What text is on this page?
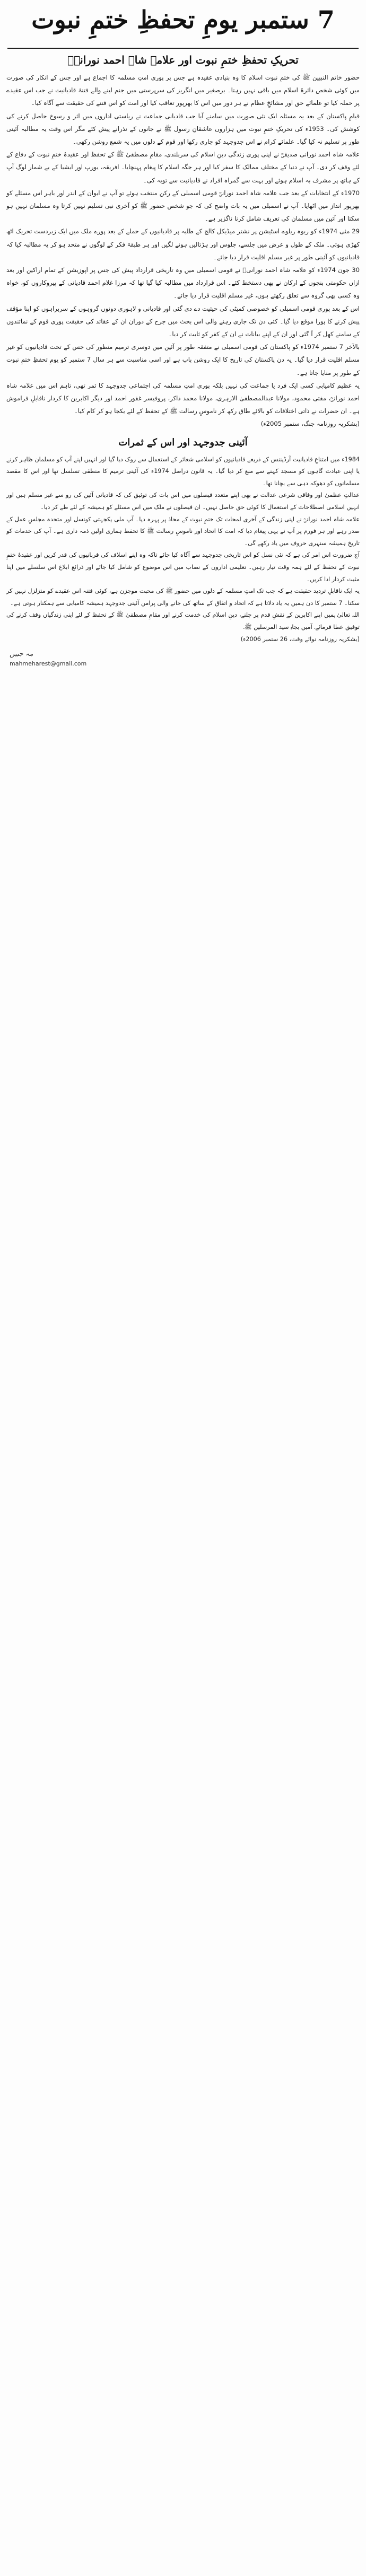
7 ستمبر یومِ تحفظِ ختمِ نبوت
تحریکِ تحفظِ ختمِ نبوت اور علامہ شاہ احمد نورانیؒ

حضور خاتم النبیین ﷺ کی ختمِ نبوت اسلام کا وہ بنیادی عقیدہ ہے جس پر پوری امتِ مسلمہ کا اجماع ہے اور جس کے انکار کی صورت میں کوئی شخص دائرۂ اسلام میں باقی نہیں رہتا۔ برصغیر میں انگریز کی سرپرستی میں جنم لینے والے فتنۂ قادیانیت نے جب اس عقیدے پر حملہ کیا تو علمائے حق اور مشائخِ عظام نے ہر دور میں اس کا بھرپور تعاقب کیا اور امت کو اس فتنے کی حقیقت سے آگاہ کیا۔

قیامِ پاکستان کے بعد یہ مسئلہ ایک نئی صورت میں سامنے آیا جب قادیانی جماعت نے ریاستی اداروں میں اثر و رسوخ حاصل کرنے کی کوشش کی۔ 1953ء کی تحریکِ ختمِ نبوت میں ہزاروں عاشقانِ رسول ﷺ نے جانوں کے نذرانے پیش کئے مگر اس وقت یہ مطالبہ آئینی طور پر تسلیم نہ کیا گیا۔ علمائے کرام نے اس جدوجہد کو جاری رکھا اور قوم کے دلوں میں یہ شمع روشن رکھی۔

علامہ شاہ احمد نورانی صدیقیؒ نے اپنی پوری زندگی دینِ اسلام کی سربلندی، مقامِ مصطفیٰ ﷺ کے تحفظ اور عقیدۂ ختمِ نبوت کے دفاع کے لئے وقف کر دی۔ آپ نے دنیا کے مختلف ممالک کا سفر کیا اور ہر جگہ اسلام کا پیغام پہنچایا۔ افریقہ، یورپ اور ایشیا کے بے شمار لوگ آپ کے ہاتھ پر مشرف بہ اسلام ہوئے اور بہت سے گمراہ افراد نے قادیانیت سے توبہ کی۔

1970ء کے انتخابات کے بعد جب علامہ شاہ احمد نورانیؒ قومی اسمبلی کے رکن منتخب ہوئے تو آپ نے ایوان کے اندر اور باہر اس مسئلے کو بھرپور انداز میں اٹھایا۔ آپ نے اسمبلی میں یہ بات واضح کی کہ جو شخص حضور ﷺ کو آخری نبی تسلیم نہیں کرتا وہ مسلمان نہیں ہو سکتا اور آئین میں مسلمان کی تعریف شامل کرنا ناگزیر ہے۔

29 مئی 1974ء کو ربوہ ریلوے اسٹیشن پر نشتر میڈیکل کالج کے طلبہ پر قادیانیوں کے حملے کے بعد پورے ملک میں ایک زبردست تحریک اٹھ کھڑی ہوئی۔ ملک کے طول و عرض میں جلسے، جلوس اور ہڑتالیں ہونے لگیں اور ہر طبقۂ فکر کے لوگوں نے متحد ہو کر یہ مطالبہ کیا کہ قادیانیوں کو آئینی طور پر غیر مسلم اقلیت قرار دیا جائے۔

30 جون 1974ء کو علامہ شاہ احمد نورانیؒ نے قومی اسمبلی میں وہ تاریخی قرارداد پیش کی جس پر اپوزیشن کے تمام اراکین اور بعد ازاں حکومتی بنچوں کے ارکان نے بھی دستخط کئے۔ اس قرارداد میں مطالبہ کیا گیا تھا کہ مرزا غلام احمد قادیانی کے پیروکاروں کو، خواہ وہ کسی بھی گروہ سے تعلق رکھتے ہوں، غیر مسلم اقلیت قرار دیا جائے۔

اس کے بعد پوری قومی اسمبلی کو خصوصی کمیٹی کی حیثیت دے دی گئی اور قادیانی و لاہوری دونوں گروہوں کے سربراہوں کو اپنا مؤقف پیش کرنے کا پورا موقع دیا گیا۔ کئی دن تک جاری رہنے والی اس بحث میں جرح کے دوران ان کے عقائد کی حقیقت پوری قوم کے نمائندوں کے سامنے کھل کر آ گئی اور ان کے اپنے بیانات نے ان کے کفر کو ثابت کر دیا۔

بالآخر 7 ستمبر 1974ء کو پاکستان کی قومی اسمبلی نے متفقہ طور پر آئین میں دوسری ترمیم منظور کی جس کے تحت قادیانیوں کو غیر مسلم اقلیت قرار دیا گیا۔ یہ دن پاکستان کی تاریخ کا ایک روشن باب ہے اور اسی مناسبت سے ہر سال 7 ستمبر کو یومِ تحفظِ ختمِ نبوت کے طور پر منایا جاتا ہے۔

یہ عظیم کامیابی کسی ایک فرد یا جماعت کی نہیں بلکہ پوری امتِ مسلمہ کی اجتماعی جدوجہد کا ثمر تھی، تاہم اس میں علامہ شاہ احمد نورانیؒ، مفتی محمود، مولانا عبدالمصطفیٰ الازہری، مولانا محمد ذاکر، پروفیسر غفور احمد اور دیگر اکابرین کا کردار ناقابلِ فراموش ہے۔ ان حضرات نے ذاتی اختلافات کو بالائے طاق رکھ کر ناموسِ رسالت ﷺ کے تحفظ کے لئے یکجا ہو کر کام کیا۔

(بشکریہ روزنامہ جنگ، ستمبر 2005ء)

آئینی جدوجہد اور اس کے ثمرات

1984ء میں امتناعِ قادیانیت آرڈیننس کے ذریعے قادیانیوں کو اسلامی شعائر کے استعمال سے روک دیا گیا اور انہیں اپنے آپ کو مسلمان ظاہر کرنے یا اپنی عبادت گاہوں کو مسجد کہنے سے منع کر دیا گیا۔ یہ قانون دراصل 1974ء کی آئینی ترمیم کا منطقی تسلسل تھا اور اس کا مقصد مسلمانوں کو دھوکہ دہی سے بچانا تھا۔

عدالتِ عظمیٰ اور وفاقی شرعی عدالت نے بھی اپنے متعدد فیصلوں میں اس بات کی توثیق کی کہ قادیانی آئین کی رو سے غیر مسلم ہیں اور انہیں اسلامی اصطلاحات کے استعمال کا کوئی حق حاصل نہیں۔ ان فیصلوں نے ملک میں اس مسئلے کو ہمیشہ کے لئے طے کر دیا۔

علامہ شاہ احمد نورانیؒ نے اپنی زندگی کے آخری لمحات تک ختمِ نبوت کے محاذ پر پہرہ دیا۔ آپ ملی یکجہتی کونسل اور متحدہ مجلسِ عمل کے صدر رہے اور ہر فورم پر آپ نے یہی پیغام دیا کہ امت کا اتحاد اور ناموسِ رسالت ﷺ کا تحفظ ہماری اولین ذمہ داری ہے۔ آپ کی خدمات کو تاریخ ہمیشہ سنہری حروف میں یاد رکھے گی۔

آج ضرورت اس امر کی ہے کہ نئی نسل کو اس تاریخی جدوجہد سے آگاہ کیا جائے تاکہ وہ اپنے اسلاف کی قربانیوں کی قدر کریں اور عقیدۂ ختمِ نبوت کے تحفظ کے لئے ہمہ وقت تیار رہیں۔ تعلیمی اداروں کے نصاب میں اس موضوع کو شامل کیا جائے اور ذرائع ابلاغ اس سلسلے میں اپنا مثبت کردار ادا کریں۔

یہ ایک ناقابلِ تردید حقیقت ہے کہ جب تک امتِ مسلمہ کے دلوں میں حضور ﷺ کی محبت موجزن ہے، کوئی فتنہ اس عقیدے کو متزلزل نہیں کر سکتا۔ 7 ستمبر کا دن ہمیں یہ یاد دلاتا ہے کہ اتحاد و اتفاق کے ساتھ کی جانے والی پرامن آئینی جدوجہد ہمیشہ کامیابی سے ہمکنار ہوتی ہے۔

اللہ تعالیٰ ہمیں اپنے اکابرین کے نقشِ قدم پر چلنے، دینِ اسلام کی خدمت کرنے اور مقامِ مصطفیٰ ﷺ کے تحفظ کے لئے اپنی زندگیاں وقف کرنے کی توفیق عطا فرمائے۔ آمین بجاہِ سید المرسلین ﷺ۔

(بشکریہ روزنامہ نوائے وقت، 26 ستمبر 2006ء)

مہ جبیں
mahmeharest@gmail.com
